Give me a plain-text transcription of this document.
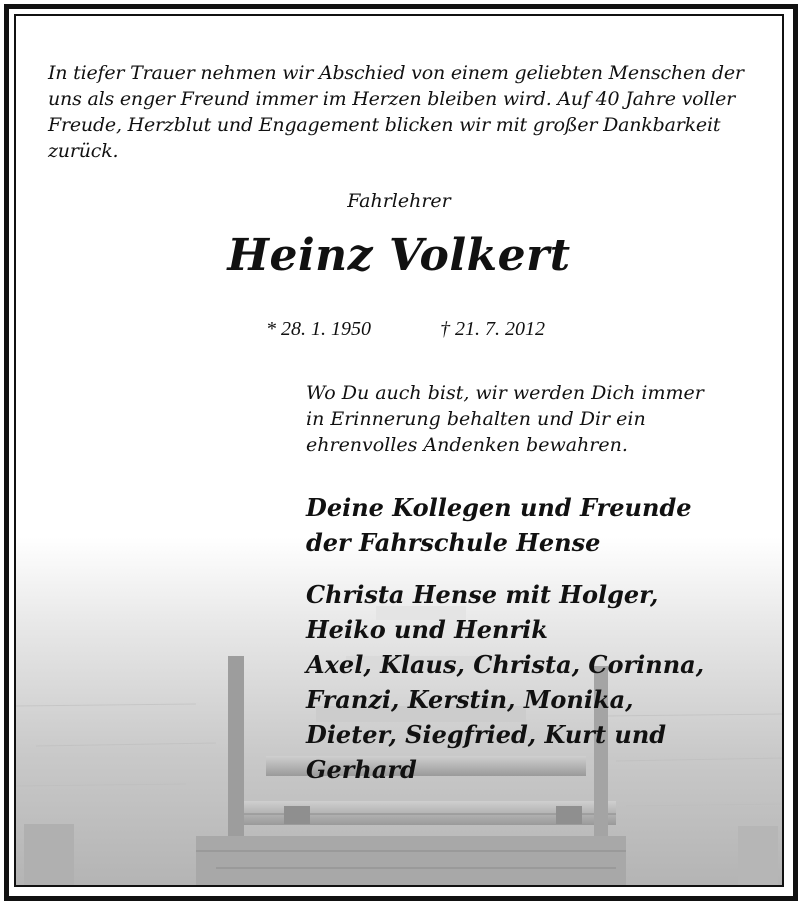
In tiefer Trauer nehmen wir Abschied von einem geliebten Menschen der
uns als enger Freund immer im Herzen bleiben wird. Auf 40 Jahre voller
Freude, Herzblut und Engagement blicken wir mit großer Dankbarkeit
zurück.
Fahrlehrer
Heinz Volkert
* 28. 1. 1950	† 21. 7. 2012
Wo Du auch bist, wir werden Dich immer
in Erinnerung behalten und Dir ein
ehrenvolles Andenken bewahren.
Deine Kollegen und Freunde
der Fahrschule Hense
Christa Hense mit Holger,
Heiko und Henrik
Axel, Klaus, Christa, Corinna,
Franzi, Kerstin, Monika,
Dieter, Siegfried, Kurt und
Gerhard
